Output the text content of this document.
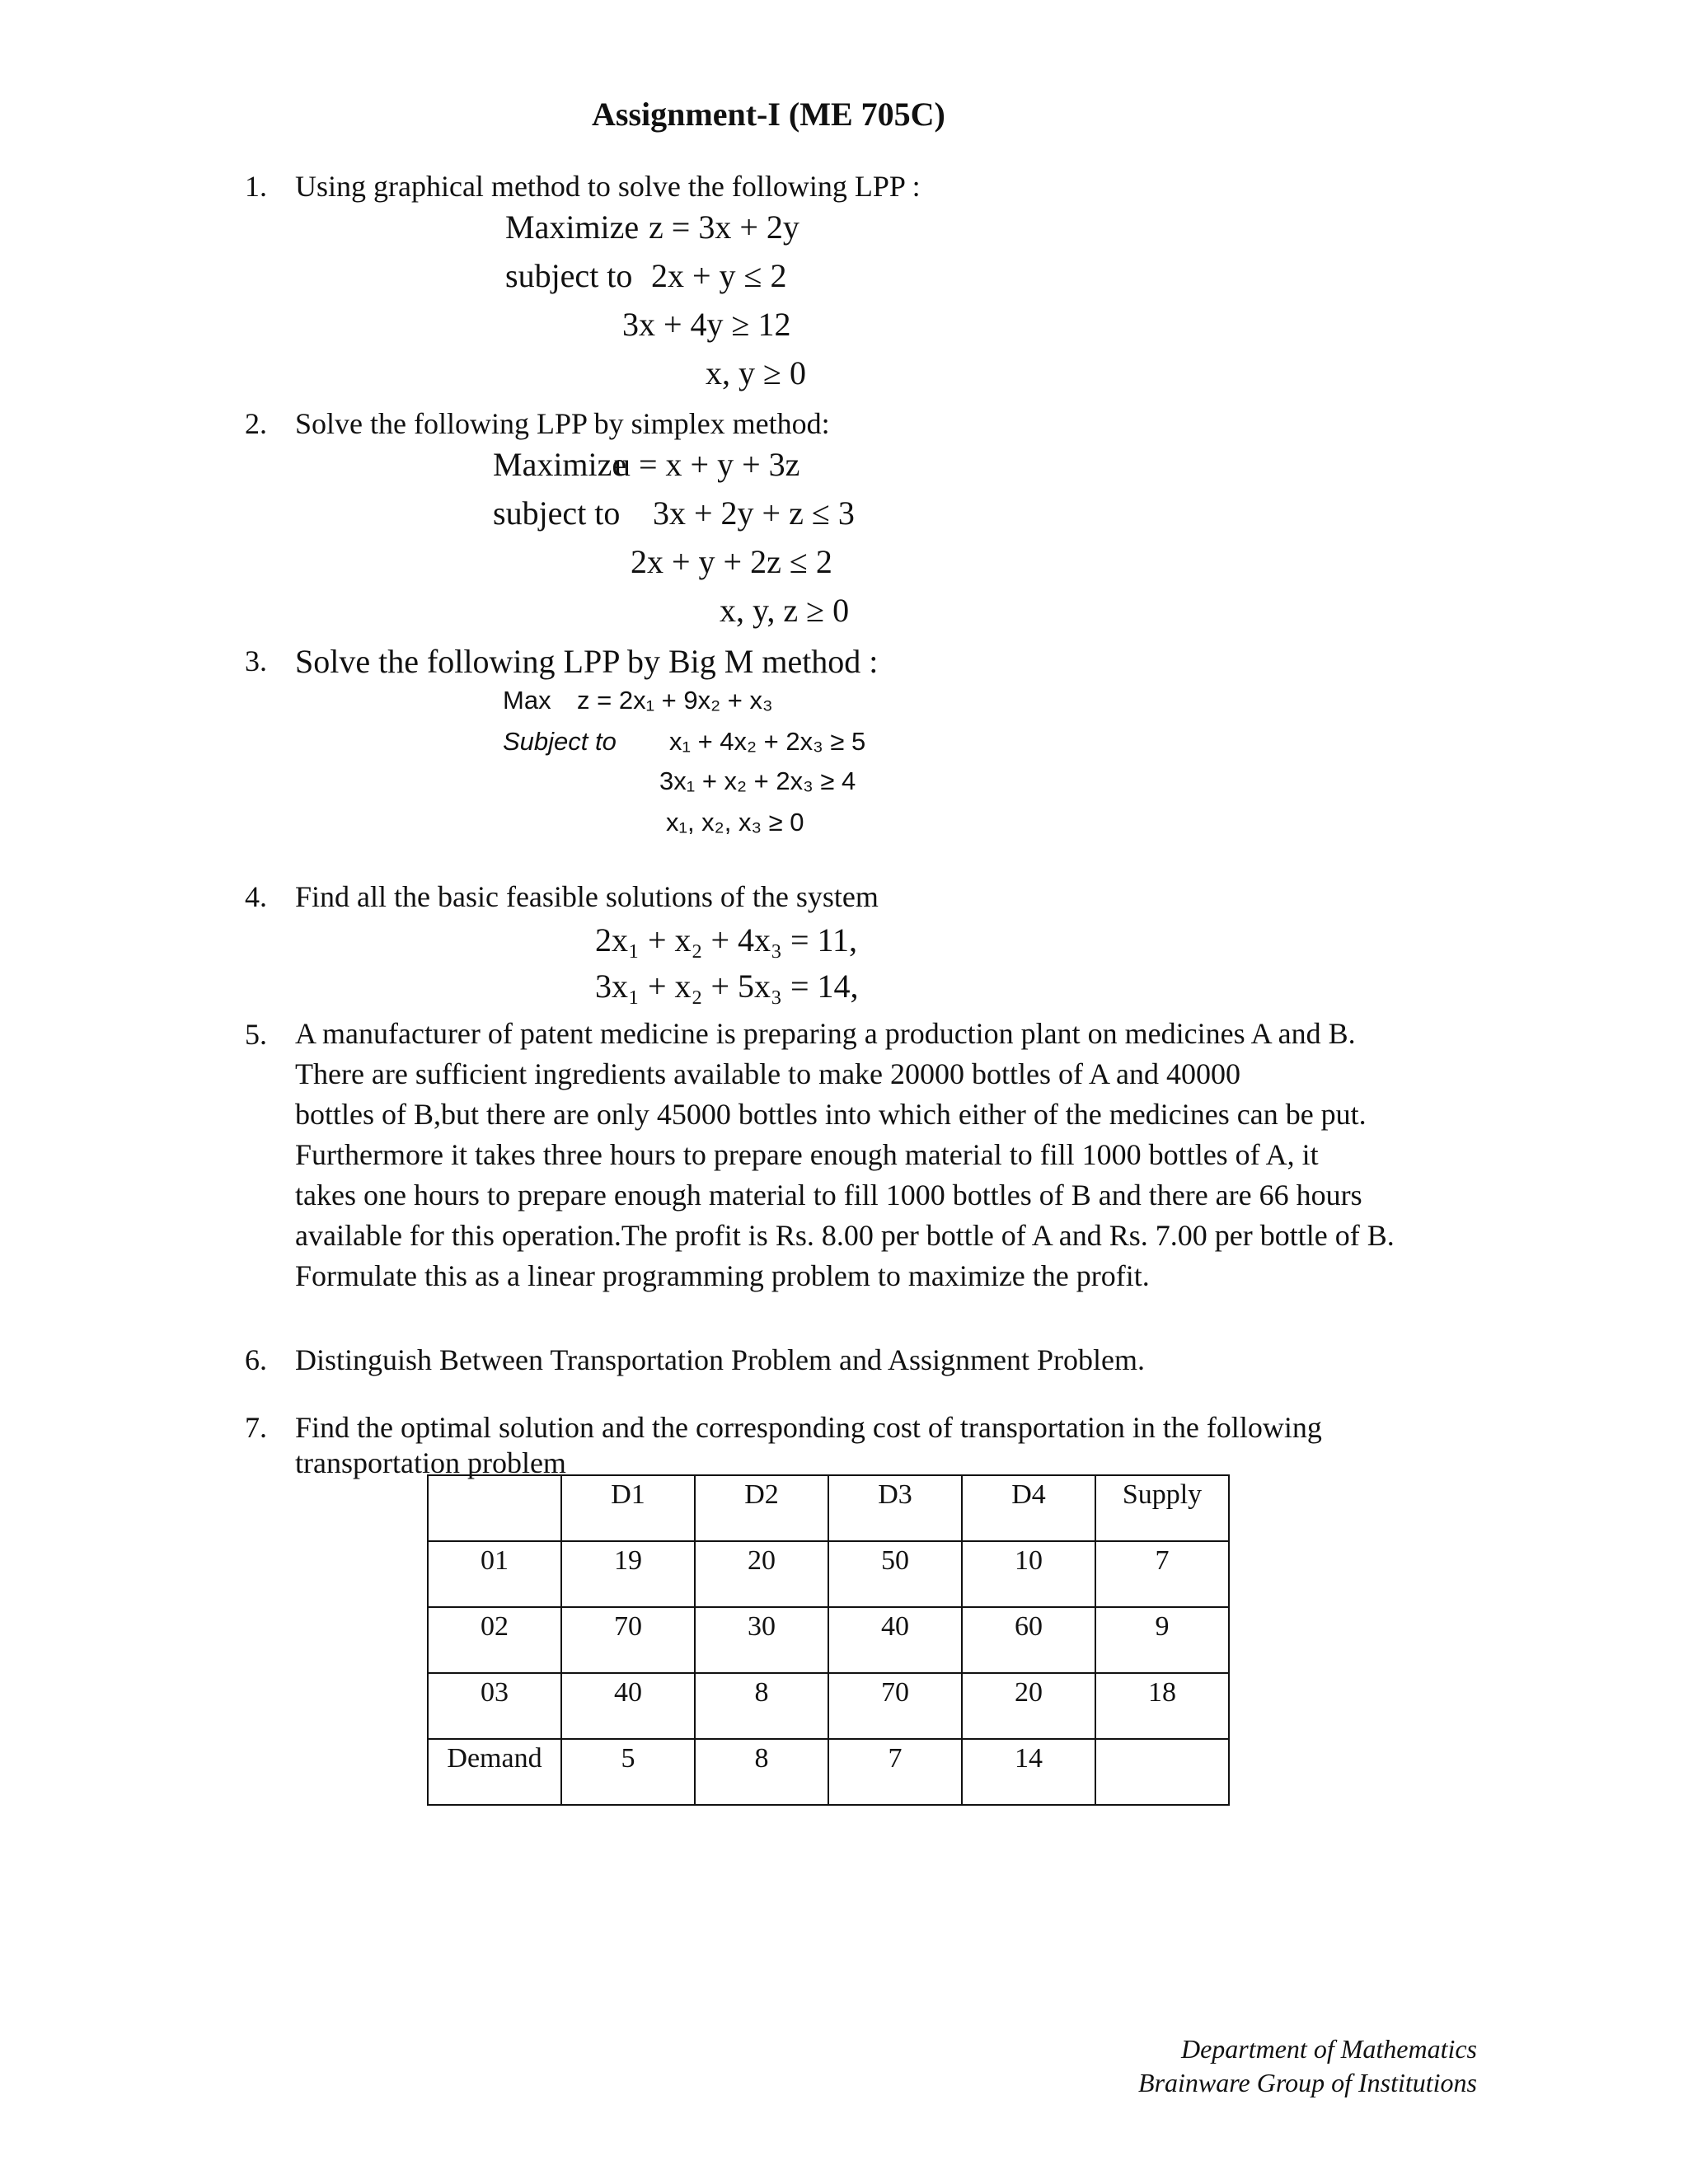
Assignment-I (ME 705C)
1. Using graphical method to solve the following LPP :
Maximize z = 3x + 2y
subject to 2x + y ≤ 2
3x + 4y ≥ 12
x, y ≥ 0
2. Solve the following LPP by simplex method:
Maximize
u = x + y + 3z
subject to 3x + 2y + z ≤ 3
2x + y + 2z ≤ 2
x, y, z ≥ 0
3. Solve the following LPP by Big M method :
Max z = 2x₁ + 9x₂ + x₃
Subject to x₁ + 4x₂ + 2x₃ ≥ 5
3x₁ + x₂ + 2x₃ ≥ 4
x₁, x₂, x₃ ≥ 0
4. Find all the basic feasible solutions of the system
2x₁ + x₂ + 4x₃ = 11,
3x₁ + x₂ + 5x₃ = 14,
5. A manufacturer of patent medicine is preparing a production plant on medicines A and B.
There are sufficient ingredients available to make 20000 bottles of A and 40000
bottles of B,but there are only 45000 bottles into which either of the medicines can be put.
Furthermore it takes three hours to prepare enough material to fill 1000 bottles of A, it
takes one hours to prepare enough material to fill 1000 bottles of B and there are 66 hours
available for this operation.The profit is Rs. 8.00 per bottle of A and Rs. 7.00 per bottle of B.
Formulate this as a linear programming problem to maximize the profit.
6. Distinguish Between Transportation Problem and Assignment Problem.
7. Find the optimal solution and the corresponding cost of transportation in the following
transportation problem
	D1	D2	D3	D4	Supply
01	19	20	50	10	7
02	70	30	40	60	9
03	40	8	70	20	18
Demand	5	8	7	14	
Department of Mathematics
Brainware Group of Institutions
